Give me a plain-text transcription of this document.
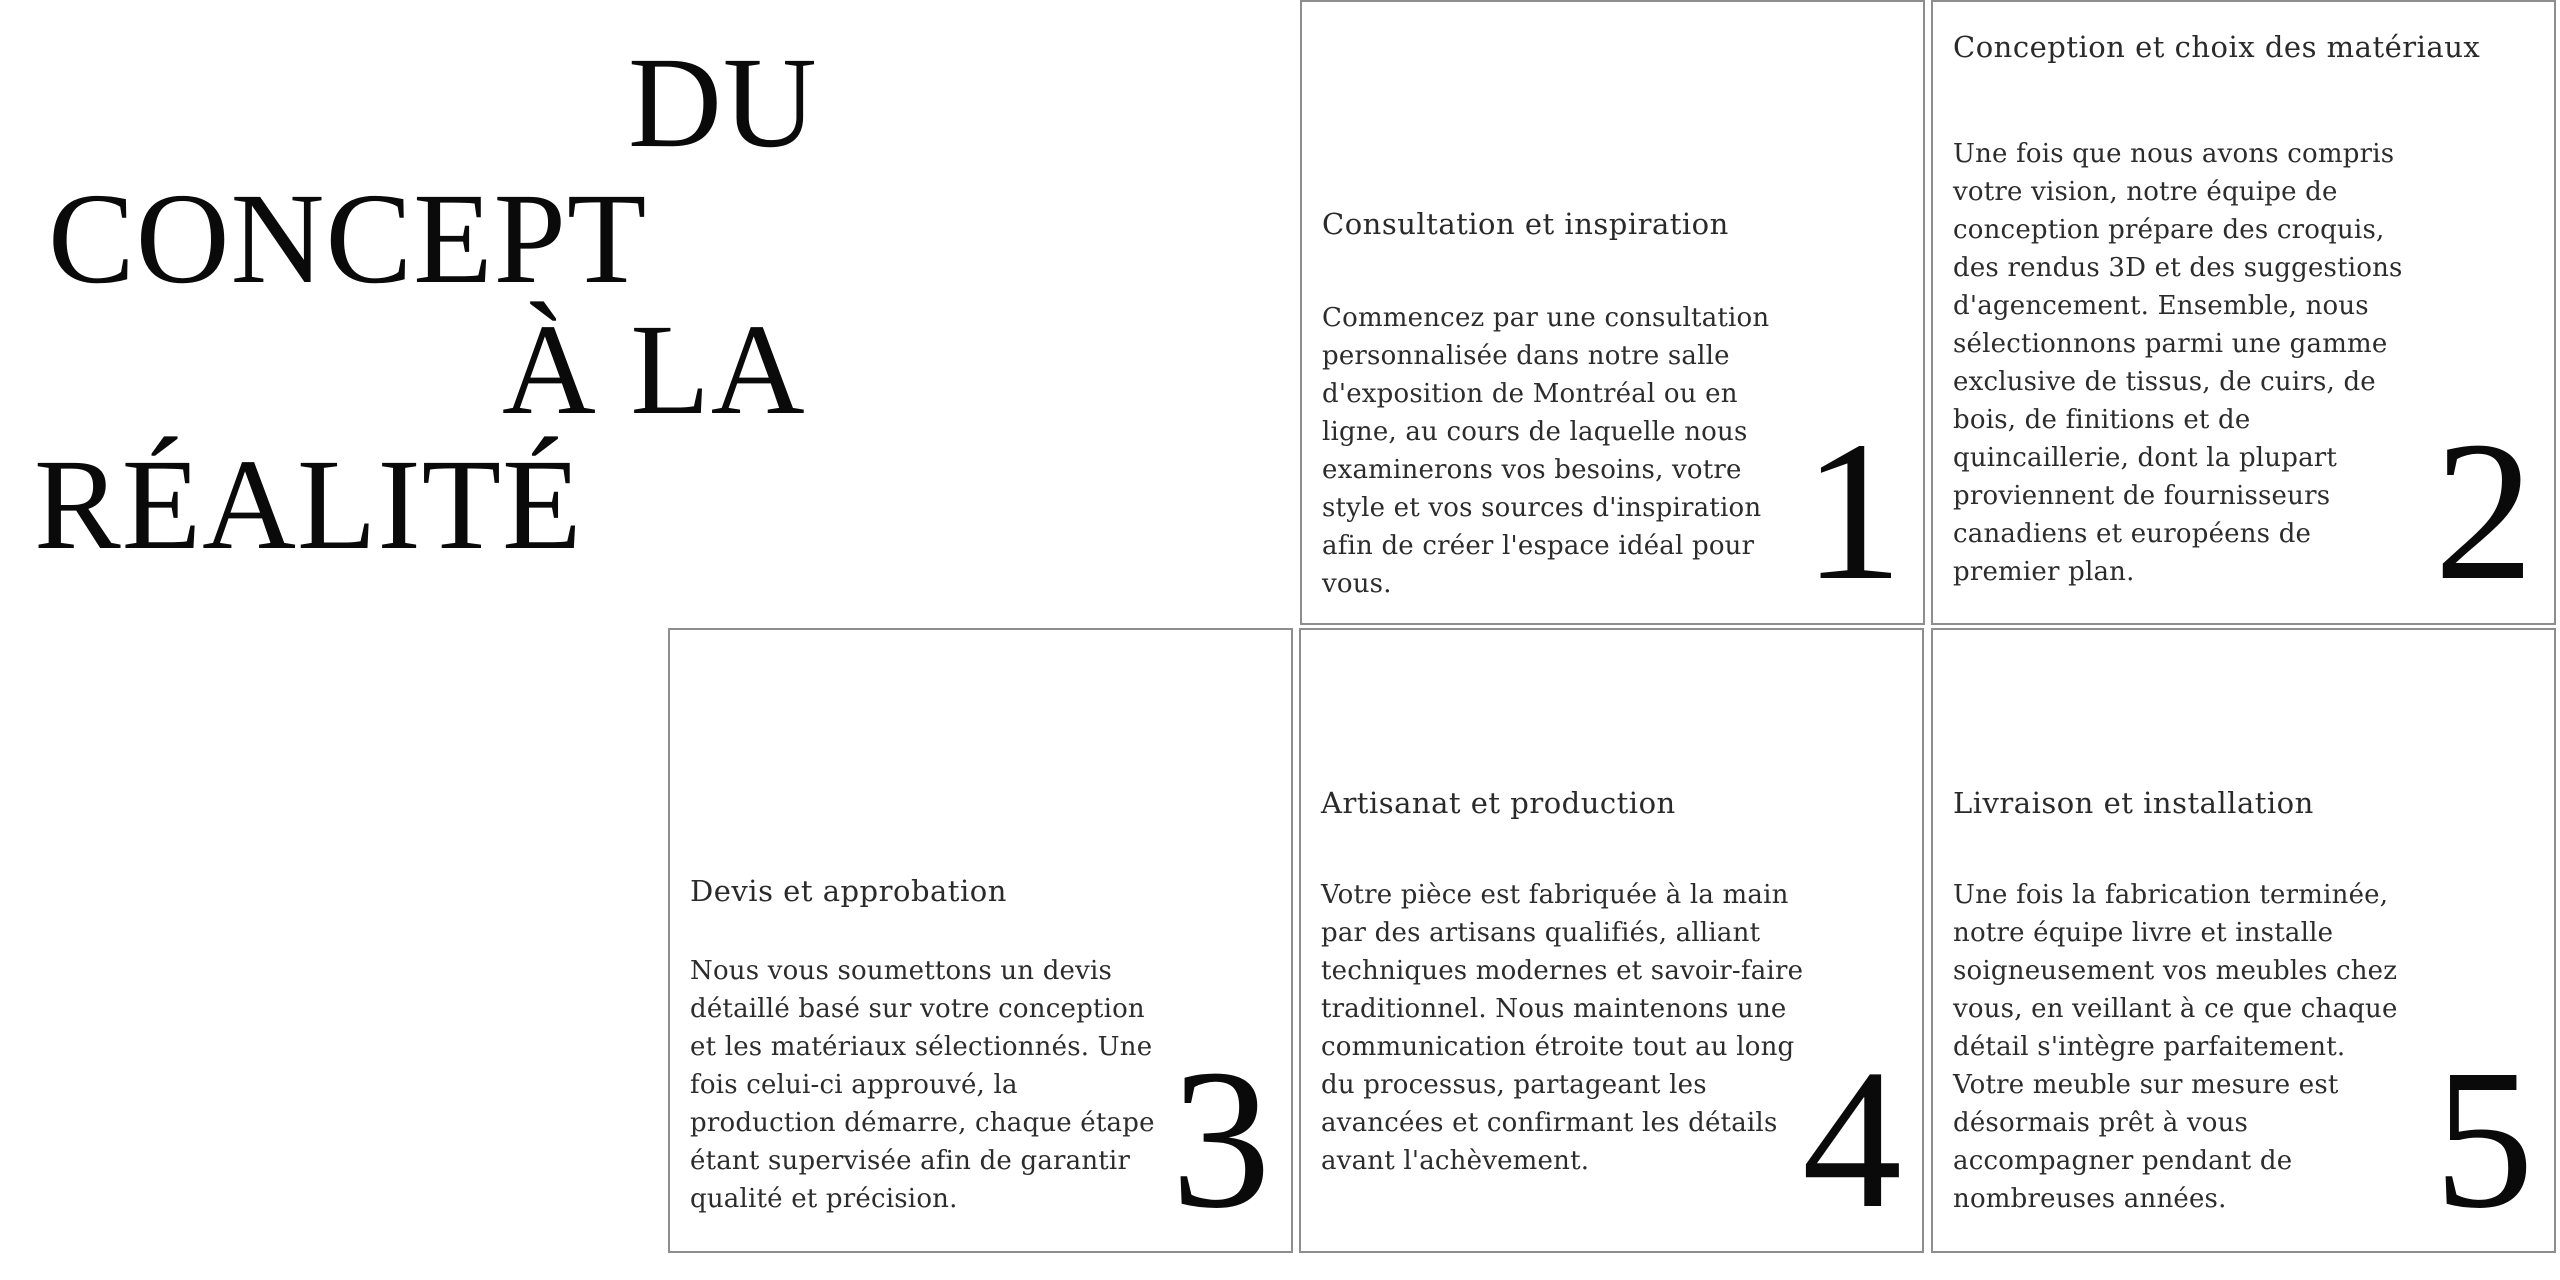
DU
CONCEPT
À LA
RÉALITÉ
Consultation et inspiration
Commencez par une consultation personnalisée dans notre salle d'exposition de Montréal ou en ligne, au cours de laquelle nous examinerons vos besoins, votre style et vos sources d'inspiration afin de créer l'espace idéal pour vous.	1
Conception et choix des matériaux
Une fois que nous avons compris votre vision, notre équipe de conception prépare des croquis, des rendus 3D et des suggestions d'agencement. Ensemble, nous sélectionnons parmi une gamme exclusive de tissus, de cuirs, de bois, de finitions et de quincaillerie, dont la plupart proviennent de fournisseurs canadiens et européens de premier plan.	2
Devis et approbation
Nous vous soumettons un devis détaillé basé sur votre conception et les matériaux sélectionnés. Une fois celui-ci approuvé, la production démarre, chaque étape étant supervisée afin de garantir qualité et précision.	3
Artisanat et production
Votre pièce est fabriquée à la main par des artisans qualifiés, alliant techniques modernes et savoir-faire traditionnel. Nous maintenons une communication étroite tout au long du processus, partageant les avancées et confirmant les détails avant l'achèvement.	4
Livraison et installation
Une fois la fabrication terminée, notre équipe livre et installe soigneusement vos meubles chez vous, en veillant à ce que chaque détail s'intègre parfaitement. Votre meuble sur mesure est désormais prêt à vous accompagner pendant de nombreuses années.	5
